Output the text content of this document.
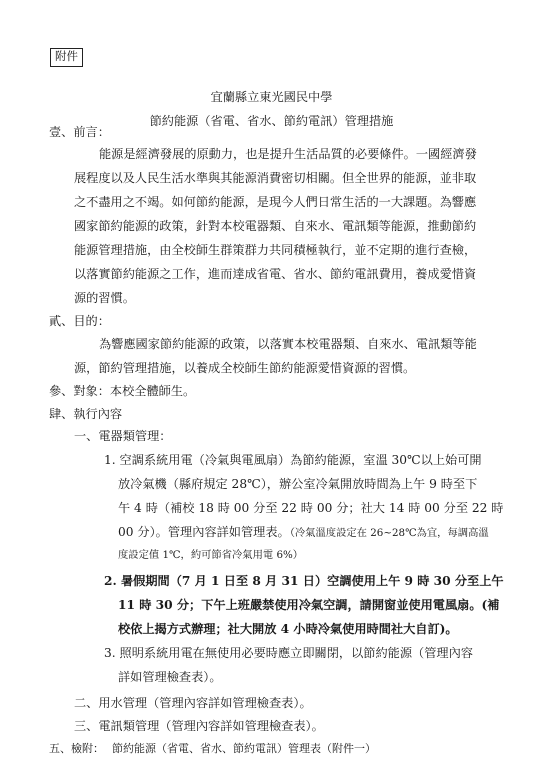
附件
宜蘭縣立東光國民中學
節約能源（省電、省水、節約電訊）管理措施
壹、前言：
能源是經濟發展的原動力，也是提升生活品質的必要條件。一國經濟發
展程度以及人民生活水準與其能源消費密切相關。但全世界的能源，並非取
之不盡用之不竭。如何節約能源，是現今人們日常生活的一大課題。為響應
國家節約能源的政策，針對本校電器類、自來水、電訊類等能源，推動節約
能源管理措施，由全校師生群策群力共同積極執行，並不定期的進行查檢，
以落實節約能源之工作，進而達成省電、省水、節約電訊費用，養成愛惜資
源的習慣。
貳、目的：
為響應國家節約能源的政策，以落實本校電器類、自來水、電訊類等能
源，節約管理措施，以養成全校師生節約能源愛惜資源的習慣。
參、對象：本校全體師生。
肆、執行內容
一、電器類管理：
1. 空調系統用電（冷氣與電風扇）為節約能源，室溫 30℃以上始可開
放冷氣機（縣府規定 28℃），辦公室冷氣開放時間為上午 9 時至下
午 4 時（補校 18 時 00 分至 22 時 00 分；社大 14 時 00 分至 22 時
00 分）。管理內容詳如管理表。（冷氣溫度設定在 26~28℃為宜，每調高溫
度設定值 1℃，約可節省冷氣用電 6%）
2. 暑假期間（7 月 1 日至 8 月 31 日）空調使用上午 9 時 30 分至上午
11 時 30 分；下午上班嚴禁使用冷氣空調，請開窗並使用電風扇。(補
校依上揭方式辦理；社大開放 4 小時冷氣使用時間社大自訂)。
3. 照明系統用電在無使用必要時應立即關閉，以節約能源（管理內容
詳如管理檢查表）。
二、用水管理（管理內容詳如管理檢查表）。
三、電訊類管理（管理內容詳如管理檢查表）。
五、檢附： 節約能源（省電、省水、節約電訊）管理表（附件一）
